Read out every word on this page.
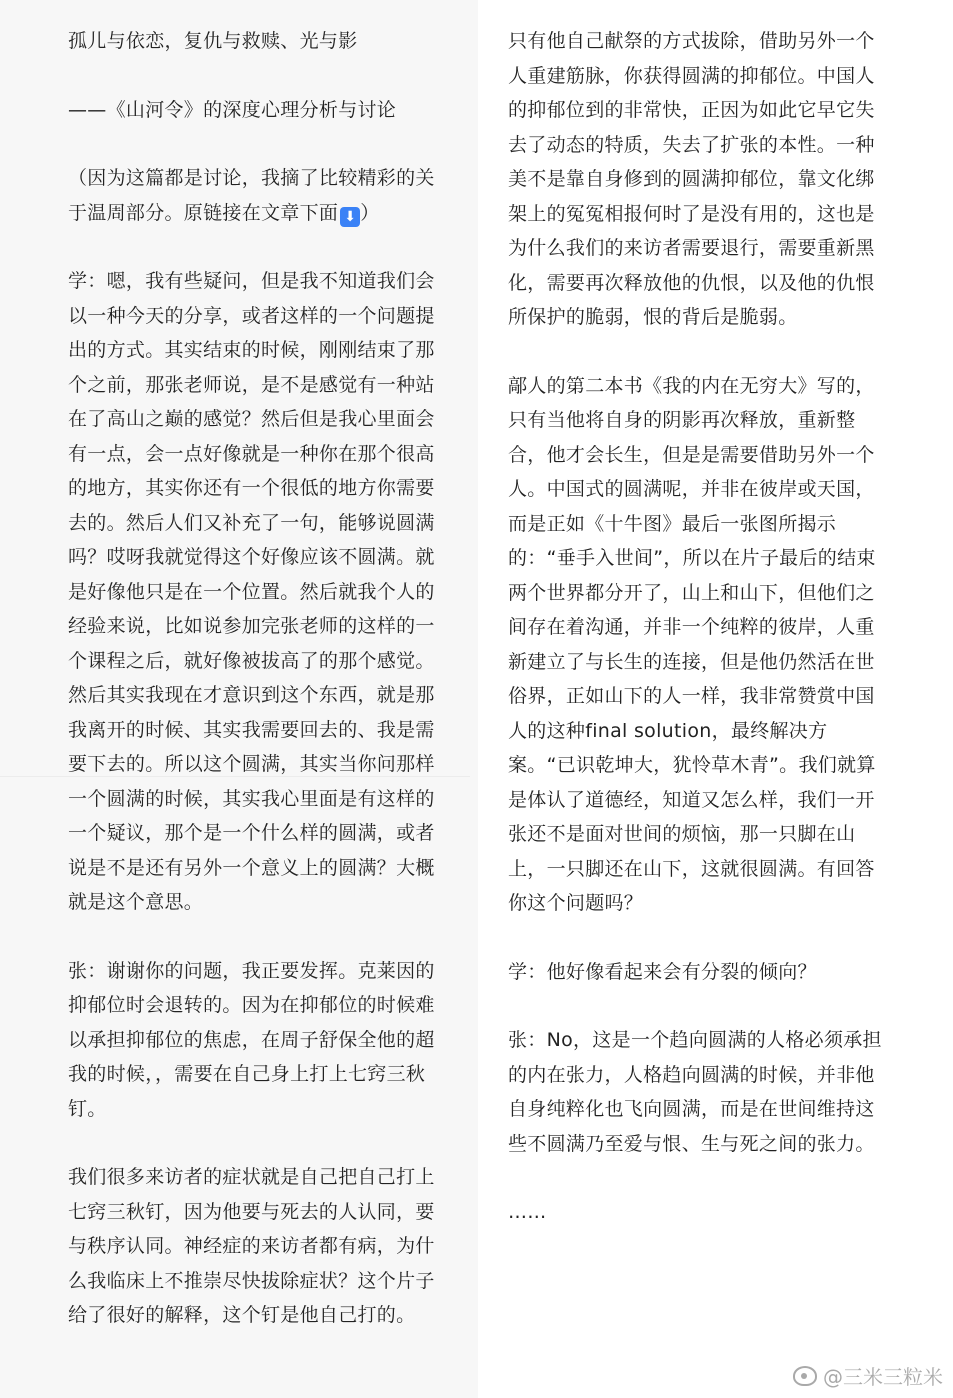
孤儿与依恋，复仇与救赎、光与影

——《山河令》的深度心理分析与讨论

（因为这篇都是讨论，我摘了比较精彩的关于温周部分。原链接在文章下面 ⬇ ）

学：嗯，我有些疑问，但是我不知道我们会以一种今天的分享，或者这样的一个问题提出的方式。其实结束的时候，刚刚结束了那个之前，那张老师说，是不是感觉有一种站在了高山之巅的感觉？然后但是我心里面会有一点，会一点好像就是一种你在那个很高的地方，其实你还有一个很低的地方你需要去的。然后人们又补充了一句，能够说圆满吗？哎呀我就觉得这个好像应该不圆满。就是好像他只是在一个位置。然后就我个人的经验来说，比如说参加完张老师的这样的一个课程之后，就好像被拔高了的那个感觉。然后其实我现在才意识到这个东西，就是那我离开的时候、其实我需要回去的、我是需要下去的。所以这个圆满，其实当你问那样一个圆满的时候，其实我心里面是有这样的一个疑议，那个是一个什么样的圆满，或者说是不是还有另外一个意义上的圆满？大概就是这个意思。

张：谢谢你的问题，我正要发挥。克莱因的抑郁位时会退转的。因为在抑郁位的时候难以承担抑郁位的焦虑，在周子舒保全他的超我的时候，，需要在自己身上打上七窍三秋钉。

我们很多来访者的症状就是自己把自己打上七窍三秋钉，因为他要与死去的人认同，要与秩序认同。神经症的来访者都有病，为什么我临床上不推崇尽快拔除症状？这个片子给了很好的解释，这个钉是他自己打的。

只有他自己献祭的方式拔除，借助另外一个人重建筋脉，你获得圆满的抑郁位。中国人的抑郁位到的非常快，正因为如此它早它失去了动态的特质，失去了扩张的本性。一种美不是靠自身修到的圆满抑郁位，靠文化绑架上的冤冤相报何时了是没有用的，这也是为什么我们的来访者需要退行，需要重新黑化，需要再次释放他的仇恨，以及他的仇恨所保护的脆弱，恨的背后是脆弱。

鄗人的第二本书《我的内在无穷大》写的，只有当他将自身的阴影再次释放，重新整合，他才会长生，但是是需要借助另外一个人。中国式的圆满呢，并非在彼岸或天国，而是正如《十牛图》最后一张图所揭示的：“垂手入世间”，所以在片子最后的结束两个世界都分开了，山上和山下，但他们之间存在着沟通，并非一个纯粹的彼岸，人重新建立了与长生的连接，但是他仍然活在世俗界，正如山下的人一样，我非常赞赏中国人的这种final solution，最终解决方案。“已识乾坤大，犹怜草木青”。我们就算是体认了道德经，知道又怎么样，我们一开张还不是面对世间的烦恼，那一只脚在山上，一只脚还在山下，这就很圆满。有回答你这个问题吗？

学：他好像看起来会有分裂的倾向？

张：No，这是一个趋向圆满的人格必须承担的内在张力，人格趋向圆满的时候，并非他自身纯粹化也飞向圆满，而是在世间维持这些不圆满乃至爱与恨、生与死之间的张力。

……

@三米三粒米
